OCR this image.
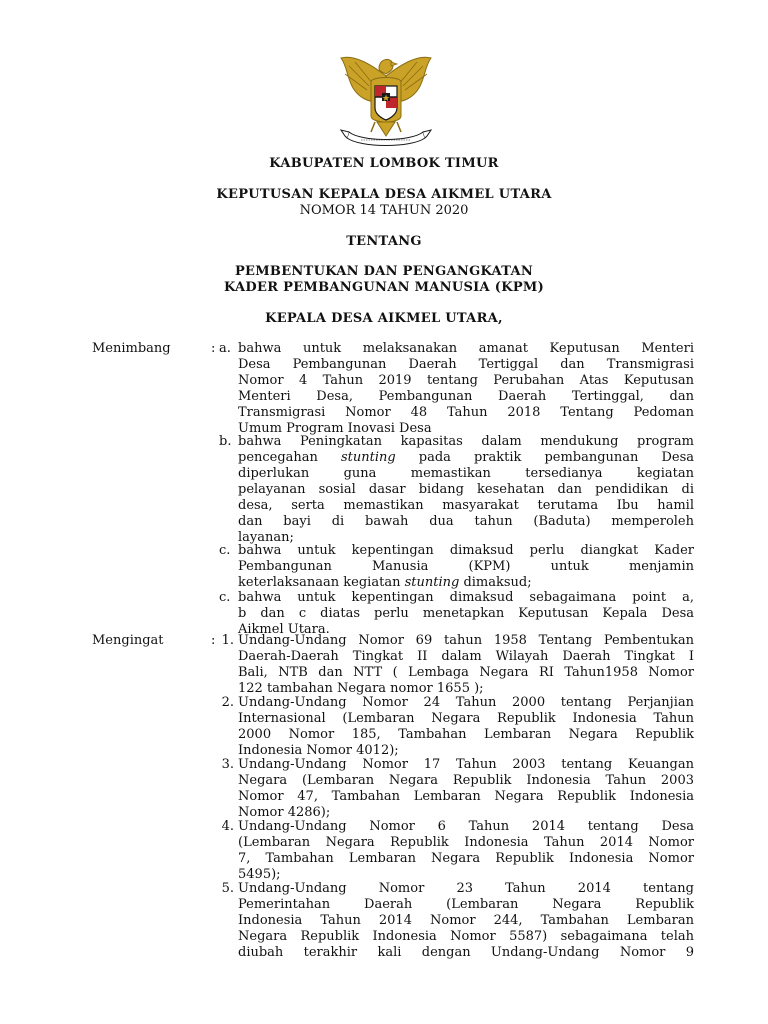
KABUPATEN LOMBOK TIMUR
KEPUTUSAN KEPALA DESA AIKMEL UTARA
NOMOR 14 TAHUN 2020
TENTANG
PEMBENTUKAN DAN PENGANGKATAN
KADER PEMBANGUNAN MANUSIA (KPM)
KEPALA DESA AIKMEL UTARA,
Menimbang	: a. bahwa untuk melaksanakan amanat Keputusan Menteri
Desa Pembangunan Daerah Tertiggal dan Transmigrasi
Nomor 4 Tahun 2019 tentang Perubahan Atas Keputusan
Menteri Desa, Pembangunan Daerah Tertinggal, dan
Transmigrasi Nomor 48 Tahun 2018 Tentang Pedoman
Umum Program Inovasi Desa
b. bahwa Peningkatan kapasitas dalam mendukung program
pencegahan stunting pada praktik pembangunan Desa
diperlukan guna memastikan tersedianya kegiatan
pelayanan sosial dasar bidang kesehatan dan pendidikan di
desa, serta memastikan masyarakat terutama Ibu hamil
dan bayi di bawah dua tahun (Baduta) memperoleh
layanan;
c. bahwa untuk kepentingan dimaksud perlu diangkat Kader
Pembangunan Manusia (KPM) untuk menjamin
keterlaksanaan kegiatan stunting dimaksud;
c. bahwa untuk kepentingan dimaksud sebagaimana point a,
b dan c diatas perlu menetapkan Keputusan Kepala Desa
Aikmel Utara.
Mengingat	: 1. Undang-Undang Nomor 69 tahun 1958 Tentang Pembentukan
Daerah-Daerah Tingkat II dalam Wilayah Daerah Tingkat I
Bali, NTB dan NTT ( Lembaga Negara RI Tahun1958 Nomor
122 tambahan Negara nomor 1655 );
2. Undang-Undang Nomor 24 Tahun 2000 tentang Perjanjian
Internasional (Lembaran Negara Republik Indonesia Tahun
2000 Nomor 185, Tambahan Lembaran Negara Republik
Indonesia Nomor 4012);
3. Undang-Undang Nomor 17 Tahun 2003 tentang Keuangan
Negara (Lembaran Negara Republik Indonesia Tahun 2003
Nomor 47, Tambahan Lembaran Negara Republik Indonesia
Nomor 4286);
4. Undang-Undang Nomor 6 Tahun 2014 tentang Desa
(Lembaran Negara Republik Indonesia Tahun 2014 Nomor
7, Tambahan Lembaran Negara Republik Indonesia Nomor
5495);
5. Undang-Undang Nomor 23 Tahun 2014 tentang
Pemerintahan Daerah (Lembaran Negara Republik
Indonesia Tahun 2014 Nomor 244, Tambahan Lembaran
Negara Republik Indonesia Nomor 5587) sebagaimana telah
diubah terakhir kali dengan Undang-Undang Nomor 9
